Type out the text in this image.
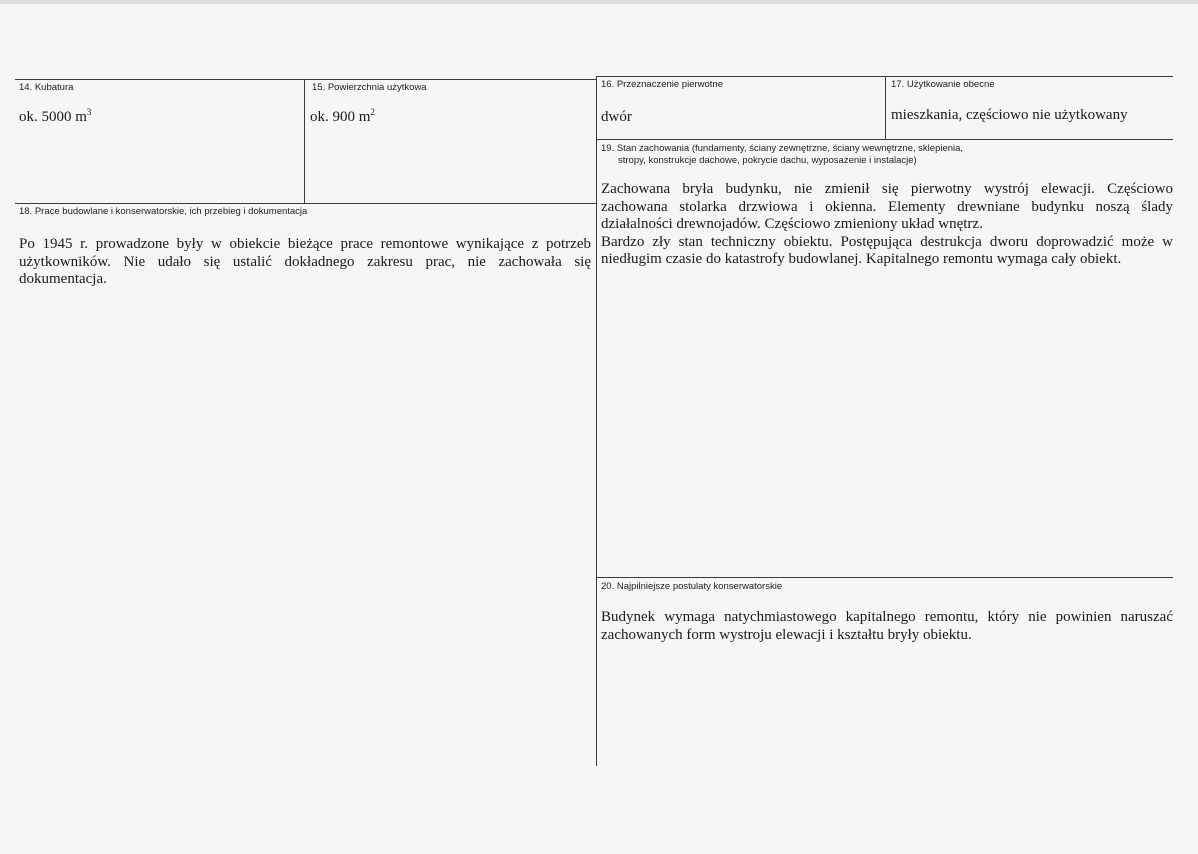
14. Kubatura
ok. 5000 $m^3$
15. Powierzchnia użytkowa
ok. 900 $m^2$
16. Przeznaczenie pierwotne
dwór
17. Użytkowanie obecne
mieszkania, częściowo nie użytkowany
19. Stan zachowania (fundamenty, ściany zewnętrzne, ściany wewnętrzne, sklepienia,
stropy, konstrukcje dachowe, pokrycie dachu, wyposażenie i instalacje)
Zachowana bryła budynku, nie zmienił się pierwotny wystrój elewacji. Częściowo
zachowana stolarka drzwiowa i okienna. Elementy drewniane budynku noszą ślady
działalności drewnojadów. Częściowo zmieniony układ wnętrz.
Bardzo zły stan techniczny obiektu. Postępująca destrukcja dworu doprowadzić może w
niedługim czasie do katastrofy budowlanej. Kapitalnego remontu wymaga cały obiekt.
18. Prace budowlane i konserwatorskie, ich przebieg i dokumentacja
Po 1945 r. prowadzone były w obiekcie bieżące prace remontowe wynikające z potrzeb
użytkowników. Nie udało się ustalić dokładnego zakresu prac, nie zachowała się
dokumentacja.
20. Najpilniejsze postulaty konserwatorskie
Budynek wymaga natychmiastowego kapitalnego remontu, który nie powinien naruszać
zachowanych form wystroju elewacji i kształtu bryły obiektu.
